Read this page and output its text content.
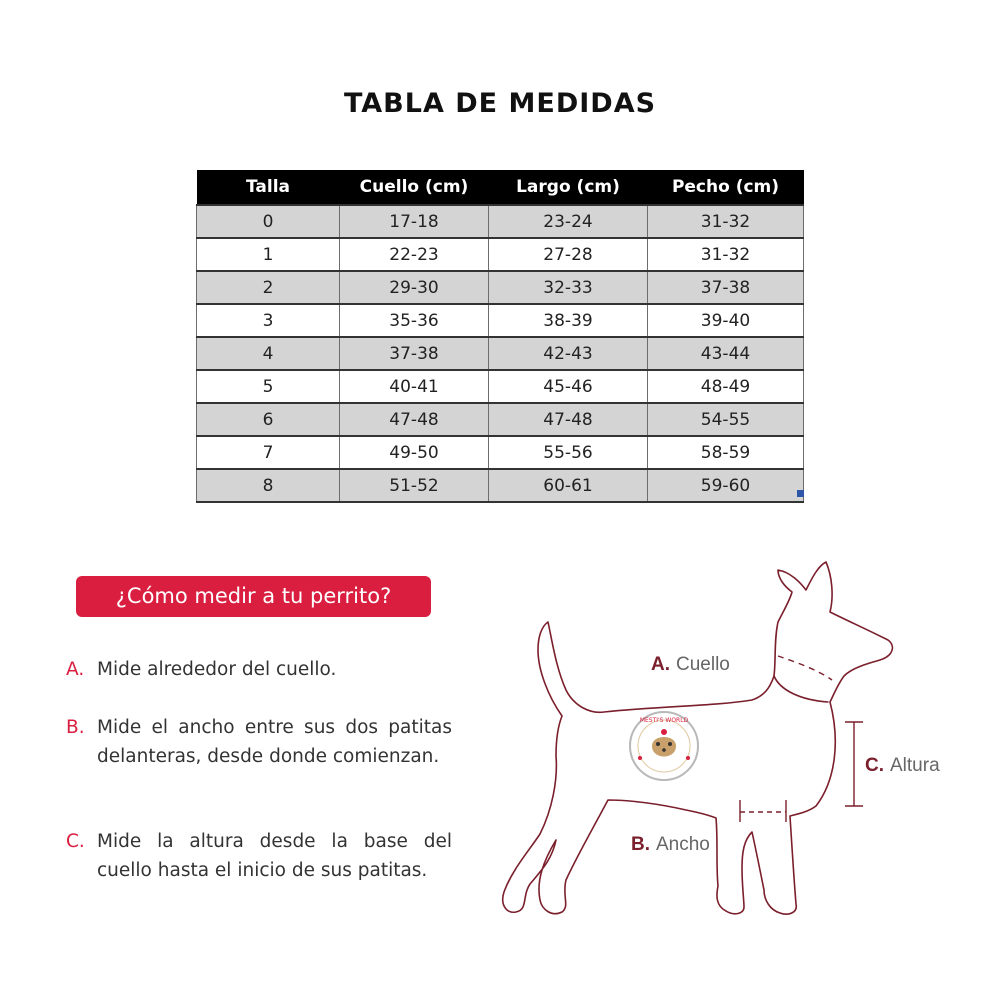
TABLA DE MEDIDAS
Talla	Cuello (cm)	Largo (cm)	Pecho (cm)
0	17-18	23-24	31-32
1	22-23	27-28	31-32
2	29-30	32-33	37-38
3	35-36	38-39	39-40
4	37-38	42-43	43-44
5	40-41	45-46	48-49
6	47-48	47-48	54-55
7	49-50	55-56	58-59
8	51-52	60-61	59-60
¿Cómo medir a tu perrito?
A. Mide alrededor del cuello.
B. Mide el ancho entre sus dos patitas delanteras, desde donde comienzan.
C. Mide la altura desde la base del cuello hasta el inicio de sus patitas.
MESTI'S WORLD
A. Cuello
B. Ancho
C. Altura
